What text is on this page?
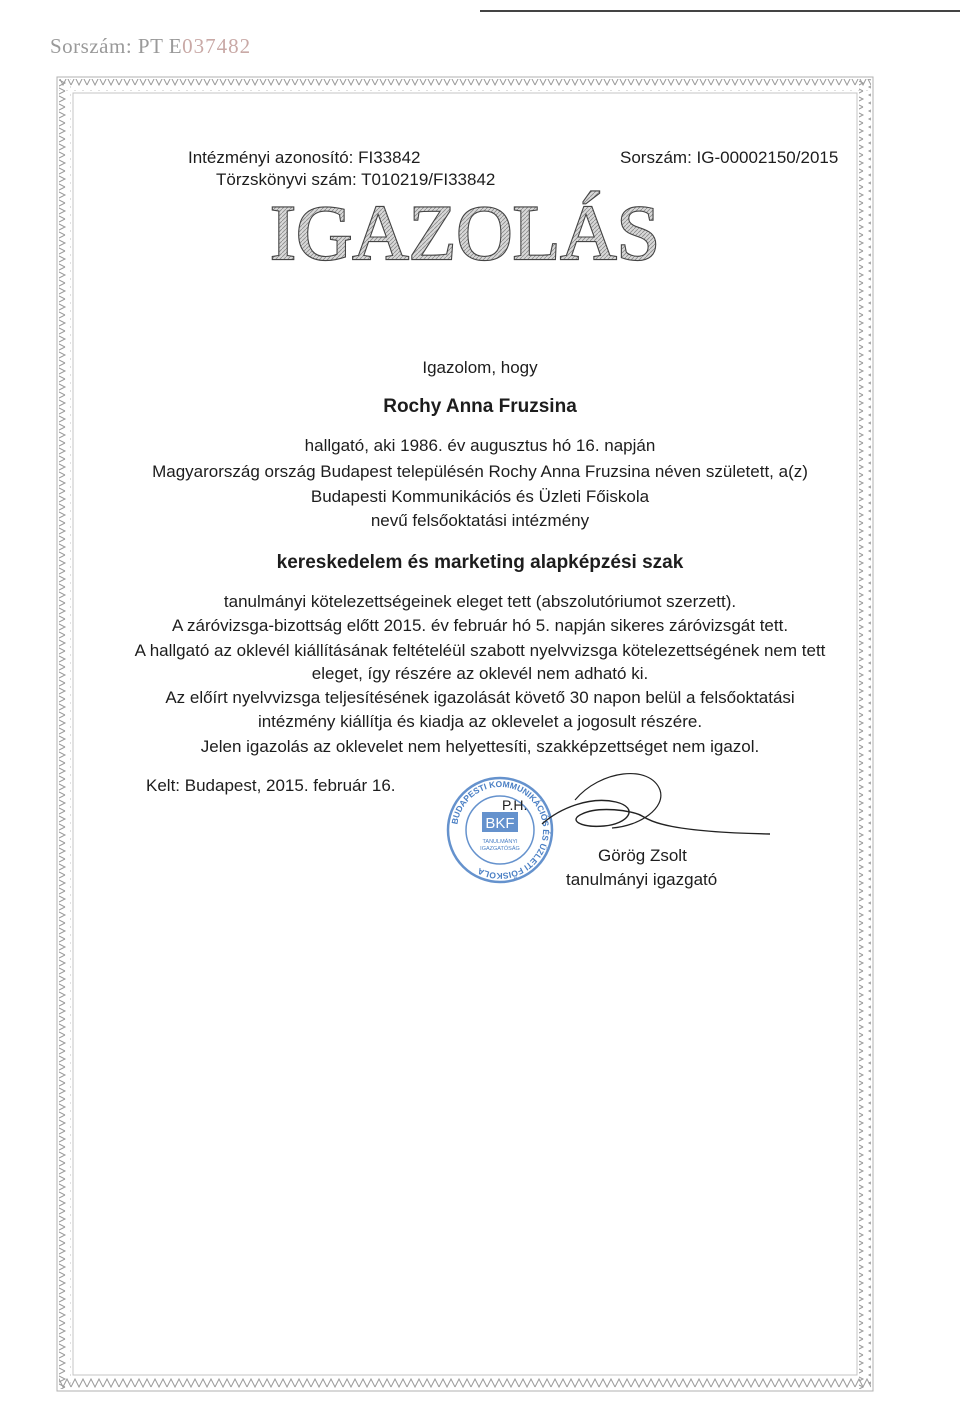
Sorszám: PT E037482
Intézményi azonosító: FI33842
Törzskönyvi szám: T010219/FI33842
Sorszám: IG-00002150/2015
IGAZOLÁS
Igazolom, hogy
Rochy Anna Fruzsina
hallgató, aki 1986. év augusztus hó 16. napján
Magyarország ország Budapest településén Rochy Anna Fruzsina néven született, a(z)
Budapesti Kommunikációs és Üzleti Főiskola
nevű felsőoktatási intézmény
kereskedelem és marketing alapképzési szak
tanulmányi kötelezettségeinek eleget tett (abszolutóriumot szerzett).
A záróvizsga-bizottság előtt 2015. év február hó 5. napján sikeres záróvizsgát tett.
A hallgató az oklevél kiállításának feltételéül szabott nyelvvizsga kötelezettségének nem tett
eleget, így részére az oklevél nem adható ki.
Az előírt nyelvvizsga teljesítésének igazolását követő 30 napon belül a felsőoktatási
intézmény kiállítja és kiadja az oklevelet a jogosult részére.
Jelen igazolás az oklevelet nem helyettesíti, szakképzettséget nem igazol.
Kelt: Budapest, 2015. február 16.
BUDAPESTI KOMMUNIKÁCIÓS ÉS ÜZLETI FŐISKOLA
BKF
TANULMÁNYI
IGAZGATÓSÁG
P.H.
Görög Zsolt
tanulmányi igazgató
